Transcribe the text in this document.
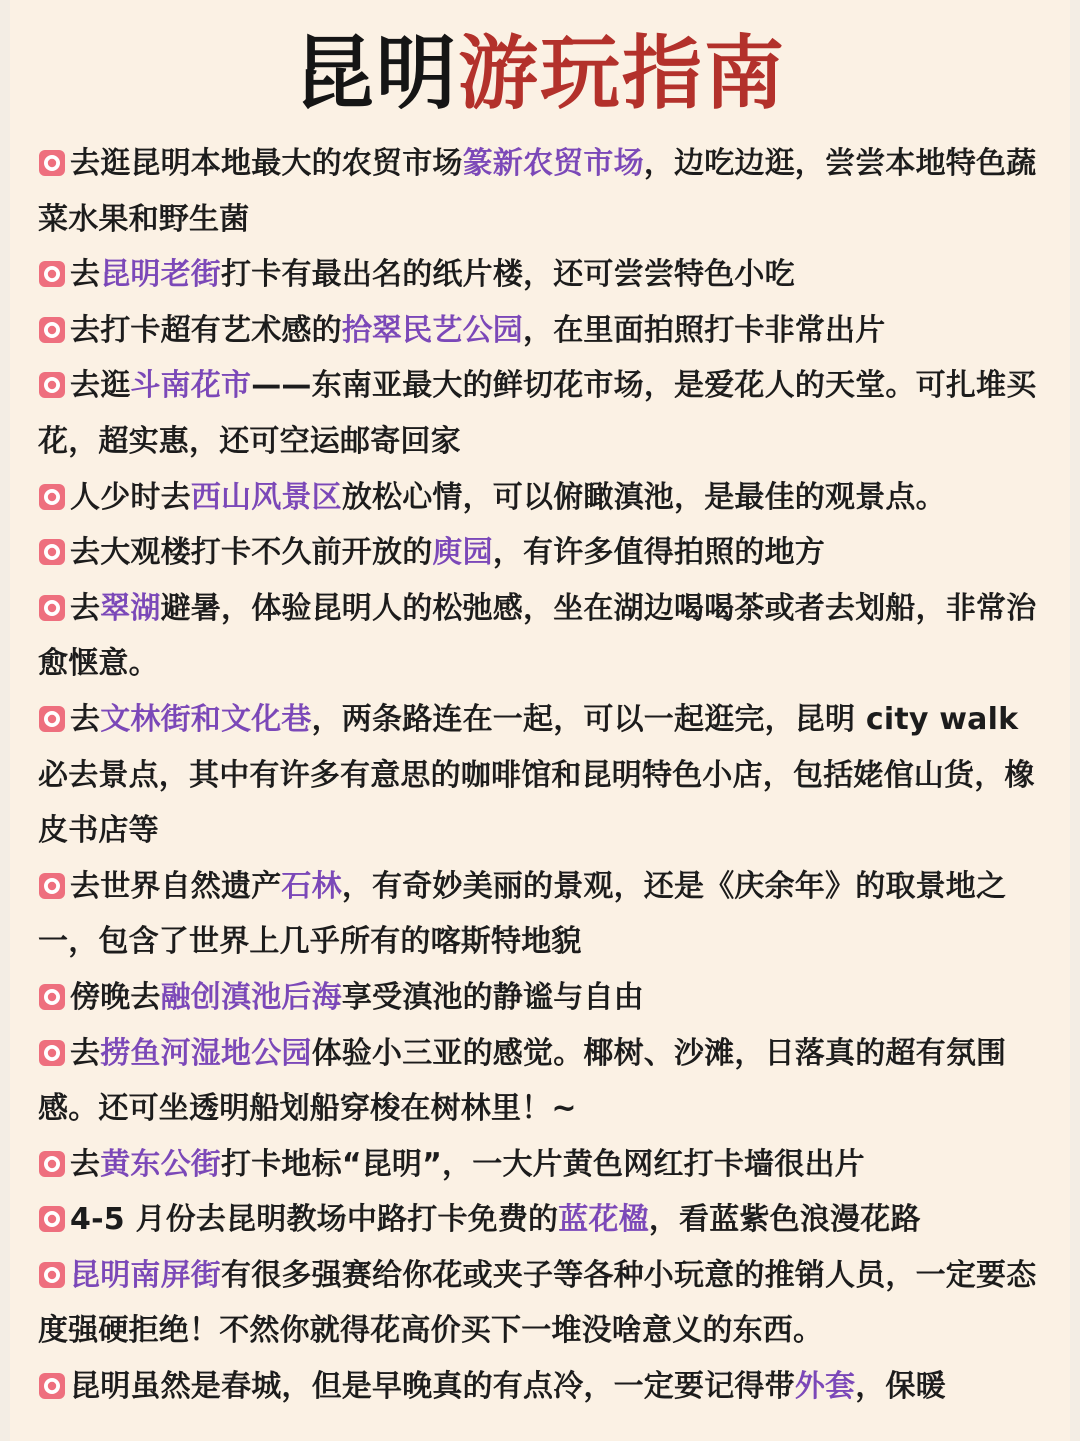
昆明游玩指南
去逛昆明本地最大的农贸市场篆新农贸市场，边吃边逛，尝尝本地特色蔬菜水果和野生菌
去昆明老街打卡有最出名的纸片楼，还可尝尝特色小吃
去打卡超有艺术感的拾翠民艺公园，在里面拍照打卡非常出片
去逛斗南花市——东南亚最大的鲜切花市场，是爱花人的天堂。可扎堆买花，超实惠，还可空运邮寄回家
人少时去西山风景区放松心情，可以俯瞰滇池，是最佳的观景点。
去大观楼打卡不久前开放的庾园，有许多值得拍照的地方
去翠湖避暑，体验昆明人的松弛感，坐在湖边喝喝茶或者去划船，非常治愈惬意。
去文林街和文化巷，两条路连在一起，可以一起逛完，昆明 city walk 必去景点，其中有许多有意思的咖啡馆和昆明特色小店，包括姥倌山货，橡皮书店等
去世界自然遗产石林，有奇妙美丽的景观，还是《庆余年》的取景地之一，包含了世界上几乎所有的喀斯特地貌
傍晚去融创滇池后海享受滇池的静谧与自由
去捞鱼河湿地公园体验小三亚的感觉。椰树、沙滩，日落真的超有氛围感。还可坐透明船划船穿梭在树林里！~
去黄东公街打卡地标“昆明”，一大片黄色网红打卡墙很出片
4-5 月份去昆明教场中路打卡免费的蓝花楹，看蓝紫色浪漫花路
昆明南屏街有很多强赛给你花或夹子等各种小玩意的推销人员，一定要态度强硬拒绝！不然你就得花高价买下一堆没啥意义的东西。
昆明虽然是春城，但是早晚真的有点冷，一定要记得带外套，保暖
